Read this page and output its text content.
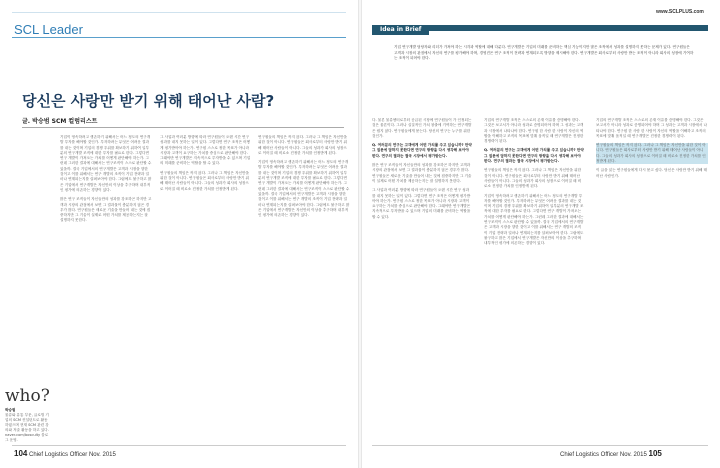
SCL Leader
당신은 사랑만 받기 위해 태어난 사람?
글. 박승범 SCM 컬럼리스트

기업이 영속하려고 생존하기 위해서는 어느 정도의 연구개발 투자를 해야할 것인가. 투자하려는 무엇은 어려운 결과를 내는 것이며 기업의 경쟁 우위를 확보하기 위하여 일부분의 연구개발 조직에 대한 투자를 필요로 한다. 그렇다면 연구 개발이 가져오는 가치를 어떻게 판단해야 하는가. 그런데 그러한 결과에 대해서는 연구조직이 스스로 판단할 수 있을까. 결국 기업에서의 연구개발은 고객과 시장을 향한 것이고 이를 위해서는 연구 개발의 조직이 기업 전략과 얼마나 연계되는지를 살펴보아야 한다. 그럼에도 불구하고 많은 기업에서 연구개발은 자신만의 이상을 추구하며 내부적인 평가에 의존하는 경향이 있다.

많은 연구 조직들이 자신들만의 성과를 강조하곤 하지만 고객과 시장의 관점에서 보면 그 결과물이 충분하지 않은 경우가 많다. 연구원들은 새로운 기술을 만들어 내는 것에 집중하지만 그 기술이 실제로 어떤 가치를 제공하는지는 잘 설명하지 못한다.

그 사업과 여러분 방향에 따라 연구원들이 오랜 시간 연구 성과를 내지 못하는 일이 있다. 그렇다면 연구 조직은 어떻게 평가받아야 하는가. 연구원 스스로 정한 목표가 아니라 시장과 고객이 요구하는 가치를 중심으로 판단해야 한다. 그래야만 연구개발은 지속적으로 투자받을 수 있으며 기업의 미래를 준비하는 역할을 할 수 있다.

연구원들의 책임은 작지 않다. 그러나 그 책임은 자신만을 위한 것이 아니다. 연구원들은 회사로부터 사랑만 받기 위해 태어난 사람들이 아니다. 그들의 성과가 회사의 성장으로 이어질 때 비로소 진정한 가치를 인정받게 된다.

연구원들의 책임은 작지 않다. 그러나 그 책임은 자신만을 위한 것이 아니다. 연구원들은 회사로부터 사랑만 받기 위해 태어난 사람들이 아니다. 그들의 성과가 회사의 성장으로 이어질 때 비로소 진정한 가치를 인정받게 된다.

기업이 영속하려고 생존하기 위해서는 어느 정도의 연구개발 투자를 해야할 것인가. 투자하려는 무엇은 어려운 결과를 내는 것이며 기업의 경쟁 우위를 확보하기 위하여 일부분의 연구개발 조직에 대한 투자를 필요로 한다. 그렇다면 연구 개발이 가져오는 가치를 어떻게 판단해야 하는가. 그런데 그러한 결과에 대해서는 연구조직이 스스로 판단할 수 있을까. 결국 기업에서의 연구개발은 고객과 시장을 향한 것이고 이를 위해서는 연구 개발의 조직이 기업 전략과 얼마나 연계되는지를 살펴보아야 한다. 그럼에도 불구하고 많은 기업에서 연구개발은 자신만의 이상을 추구하며 내부적인 평가에 의존하는 경향이 있다.

who?
박승범
물류와 유통 부문, 글로벌 기업의 SCM 컨설턴트로 활동하였으며 현재 SCM 관련 강의와 저술 활동을 하고 있다. naver.com/bosculty 블로그 운영.
104 Chief Logistics Officer Nov. 2015
www.SCLPLUS.com
Idea in Brief
기업 연구개발 담당자와 리더가 가져야 하는 시각과 역할에 대해 다룬다. 연구개발은 기업의 미래를 준비하는 핵심 기능이지만 많은 조직에서 성과를 설명하지 못하는 문제가 있다. 연구원들은 고객과 시장의 관점에서 자신의 연구를 평가해야 하며, 경영진은 연구 조직이 전략과 연계되도록 방향을 제시해야 한다. 연구개발은 회사로부터 사랑만 받는 조직이 아니라 회사의 성장에 기여하는 조직이 되어야 한다.

다. 물론 물류센터로부터 공급된 시장에 연구원들이 가 인정되는 것은 물론이다. 그러나 실질적인 가치 창출에 기여하는 연구개발은 쉽지 않다. 연구원들에게 묻는다. 당신의 연구는 누구를 위한 것인가.

Q. 여러분의 연구는 고객에게 어떤 가치를 주고 있습니까? 만약 그 질문에 답하지 못한다면 연구의 방향을 다시 생각해 보아야 한다. 연구의 결과는 결국 시장에서 평가받는다.

많은 연구 조직들이 자신들만의 성과를 강조하곤 하지만 고객과 시장의 관점에서 보면 그 결과물이 충분하지 않은 경우가 많다. 연구원들은 새로운 기술을 만들어 내는 것에 집중하지만 그 기술이 실제로 어떤 가치를 제공하는지는 잘 설명하지 못한다.

그 사업과 여러분 방향에 따라 연구원들이 오랜 시간 연구 성과를 내지 못하는 일이 있다. 그렇다면 연구 조직은 어떻게 평가받아야 하는가. 연구원 스스로 정한 목표가 아니라 시장과 고객이 요구하는 가치를 중심으로 판단해야 한다. 그래야만 연구개발은 지속적으로 투자받을 수 있으며 기업의 미래를 준비하는 역할을 할 수 있다.

기업의 연구개발 조직은 스스로의 존재 이유를 증명해야 한다. 그것은 보고서가 아니라 성과로 증명되어야 하며 그 성과는 고객과 시장에서 나타나야 한다. 연구원 한 사람 한 사람이 자신의 역할을 이해하고 조직의 목표에 맞춰 움직일 때 연구개발은 진정한 경쟁력이 된다.

Q. 여러분의 연구는 고객에게 어떤 가치를 주고 있습니까? 만약 그 질문에 답하지 못한다면 연구의 방향을 다시 생각해 보아야 한다. 연구의 결과는 결국 시장에서 평가받는다.

연구원들의 책임은 작지 않다. 그러나 그 책임은 자신만을 위한 것이 아니다. 연구원들은 회사로부터 사랑만 받기 위해 태어난 사람들이 아니다. 그들의 성과가 회사의 성장으로 이어질 때 비로소 진정한 가치를 인정받게 된다.

기업이 영속하려고 생존하기 위해서는 어느 정도의 연구개발 투자를 해야할 것인가. 투자하려는 무엇은 어려운 결과를 내는 것이며 기업의 경쟁 우위를 확보하기 위하여 일부분의 연구개발 조직에 대한 투자를 필요로 한다. 그렇다면 연구 개발이 가져오는 가치를 어떻게 판단해야 하는가. 그런데 그러한 결과에 대해서는 연구조직이 스스로 판단할 수 있을까. 결국 기업에서의 연구개발은 고객과 시장을 향한 것이고 이를 위해서는 연구 개발의 조직이 기업 전략과 얼마나 연계되는지를 살펴보아야 한다. 그럼에도 불구하고 많은 기업에서 연구개발은 자신만의 이상을 추구하며 내부적인 평가에 의존하는 경향이 있다.

기업의 연구개발 조직은 스스로의 존재 이유를 증명해야 한다. 그것은 보고서가 아니라 성과로 증명되어야 하며 그 성과는 고객과 시장에서 나타나야 한다. 연구원 한 사람 한 사람이 자신의 역할을 이해하고 조직의 목표에 맞춰 움직일 때 연구개발은 진정한 경쟁력이 된다.

연구원들의 책임은 작지 않다. 그러나 그 책임은 자신만을 위한 것이 아니다. 연구원들은 회사로부터 사랑만 받기 위해 태어난 사람들이 아니다. 그들의 성과가 회사의 성장으로 이어질 때 비로소 진정한 가치를 인정받게 된다.

이 글을 읽는 연구원들에게 다시 묻고 싶다. 당신은 사랑만 받기 위해 태어난 사람인가.

Chief Logistics Officer Nov. 2015 105
